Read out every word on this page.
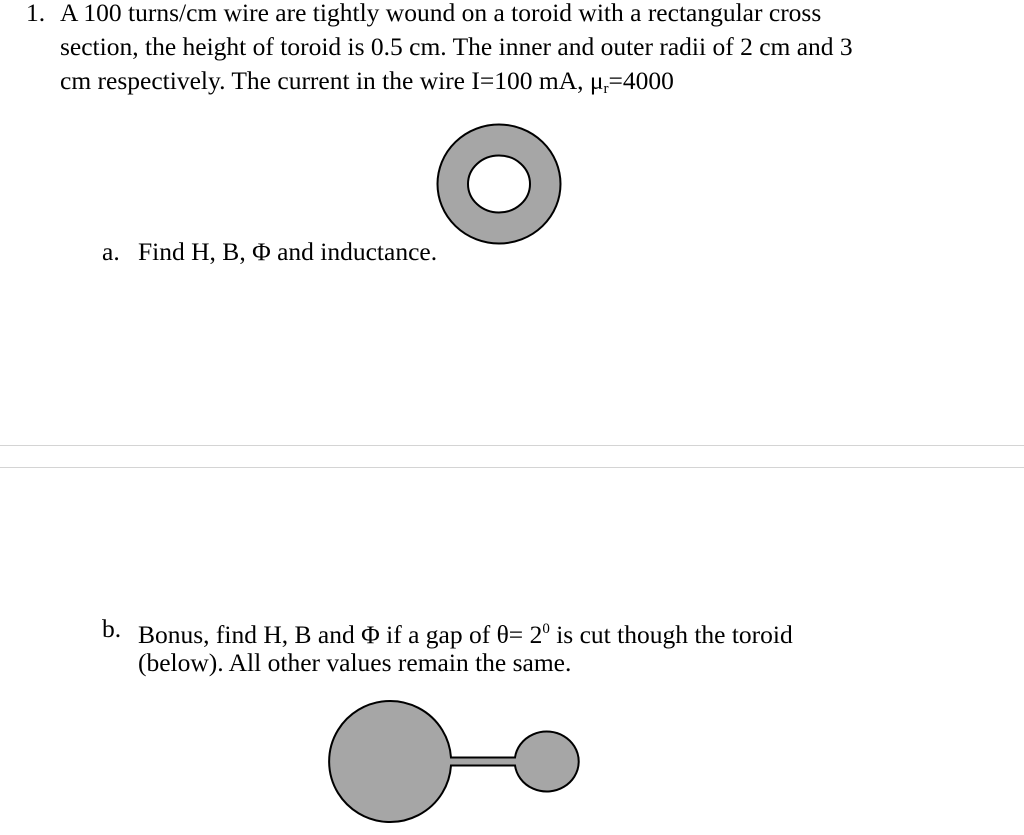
1. A 100 turns/cm wire are tightly wound on a toroid with a rectangular cross
section, the height of toroid is 0.5 cm. The inner and outer radii of 2 cm and 3
cm respectively. The current in the wire I=100 mA, $\mu_r=4000$
a. Find H, B, Φ and inductance.
b. Bonus, find H, B and Φ if a gap of $\theta= 2^0$ is cut though the toroid
(below). All other values remain the same.
